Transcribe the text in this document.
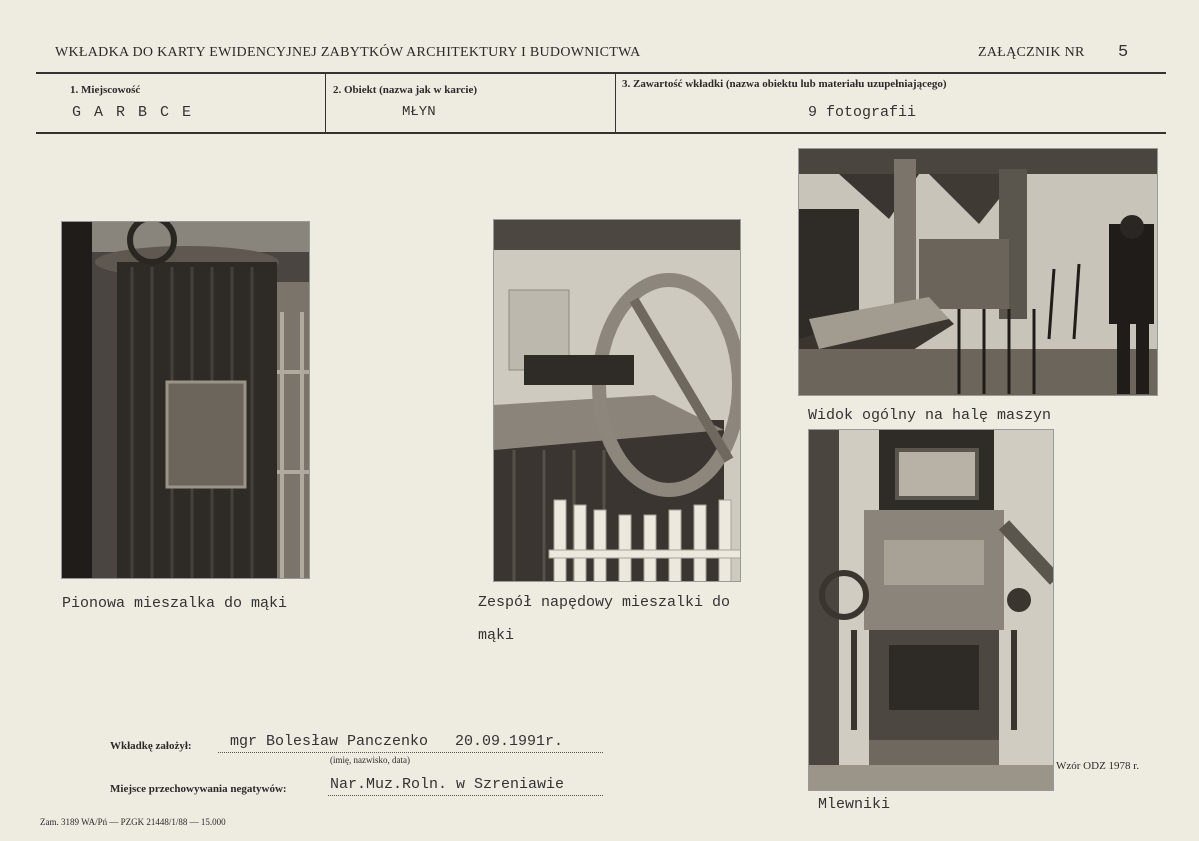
WKŁADKA DO KARTY EWIDENCYJNEJ ZABYTKÓW ARCHITEKTURY I BUDOWNICTWA	ZAŁĄCZNIK NR 5
1. Miejscowość
G A R B C E
2. Obiekt (nazwa jak w karcie)
MŁYN
3. Zawartość wkładki (nazwa obiektu lub materiału uzupełniającego)
9 fotografii
Pionowa mieszalka do mąki	Zespół napędowy mieszalki do
mąki
Widok ogólny na halę maszyn
Mlewniki
Wkładkę założył:	mgr Bolesław Panczenko   20.09.1991r.
(imię, nazwisko, data)
Miejsce przechowywania negatywów:	Nar.Muz.Roln. w Szreniawie
Wzór ODZ 1978 r.
Zam. 3189 WA/Pń — PZGK 21448/1/88 — 15.000
